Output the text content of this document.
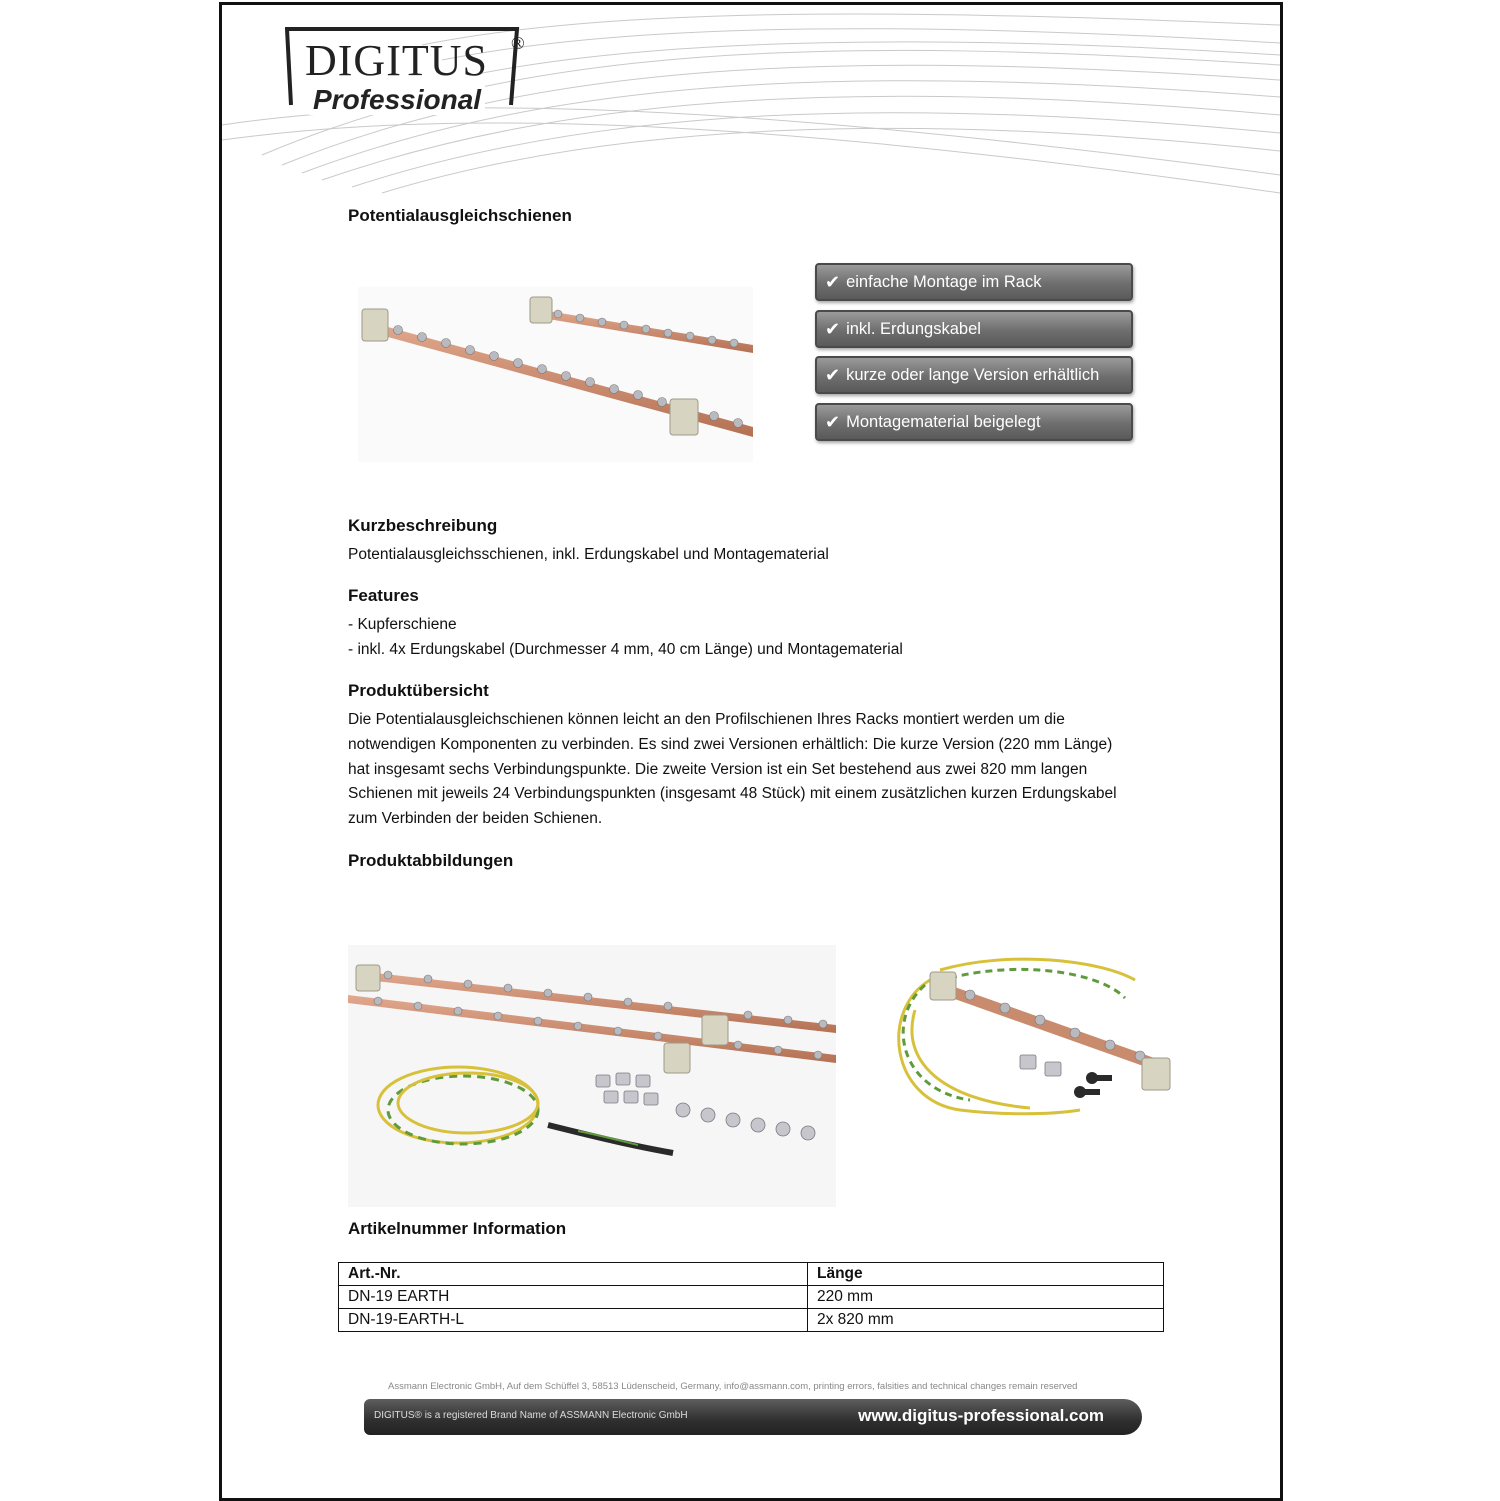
DIGITUS ®
Professional
Potentialausgleichschienen
✔ einfache Montage im Rack
✔ inkl. Erdungskabel
✔ kurze oder lange Version erhältlich
✔ Montagematerial beigelegt
Kurzbeschreibung
Potentialausgleichsschienen, inkl. Erdungskabel und Montagematerial
Features
- Kupferschiene
- inkl. 4x Erdungskabel (Durchmesser 4 mm, 40 cm Länge) und Montagematerial
Produktübersicht
Die Potentialausgleichschienen können leicht an den Profilschienen Ihres Racks montiert werden um die
notwendigen Komponenten zu verbinden. Es sind zwei Versionen erhältlich: Die kurze Version (220 mm Länge)
hat insgesamt sechs Verbindungspunkte. Die zweite Version ist ein Set bestehend aus zwei 820 mm langen
Schienen mit jeweils 24 Verbindungspunkten (insgesamt 48 Stück) mit einem zusätzlichen kurzen Erdungskabel
zum Verbinden der beiden Schienen.
Produktabbildungen
Artikelnummer Information
Art.-Nr.	Länge
DN-19 EARTH	220 mm
DN-19-EARTH-L	2x 820 mm
Assmann Electronic GmbH, Auf dem Schüffel 3, 58513 Lüdenscheid, Germany, info@assmann.com, printing errors, falsities and technical changes remain reserved
DIGITUS® is a registered Brand Name of ASSMANN Electronic GmbH	www.digitus-professional.com
